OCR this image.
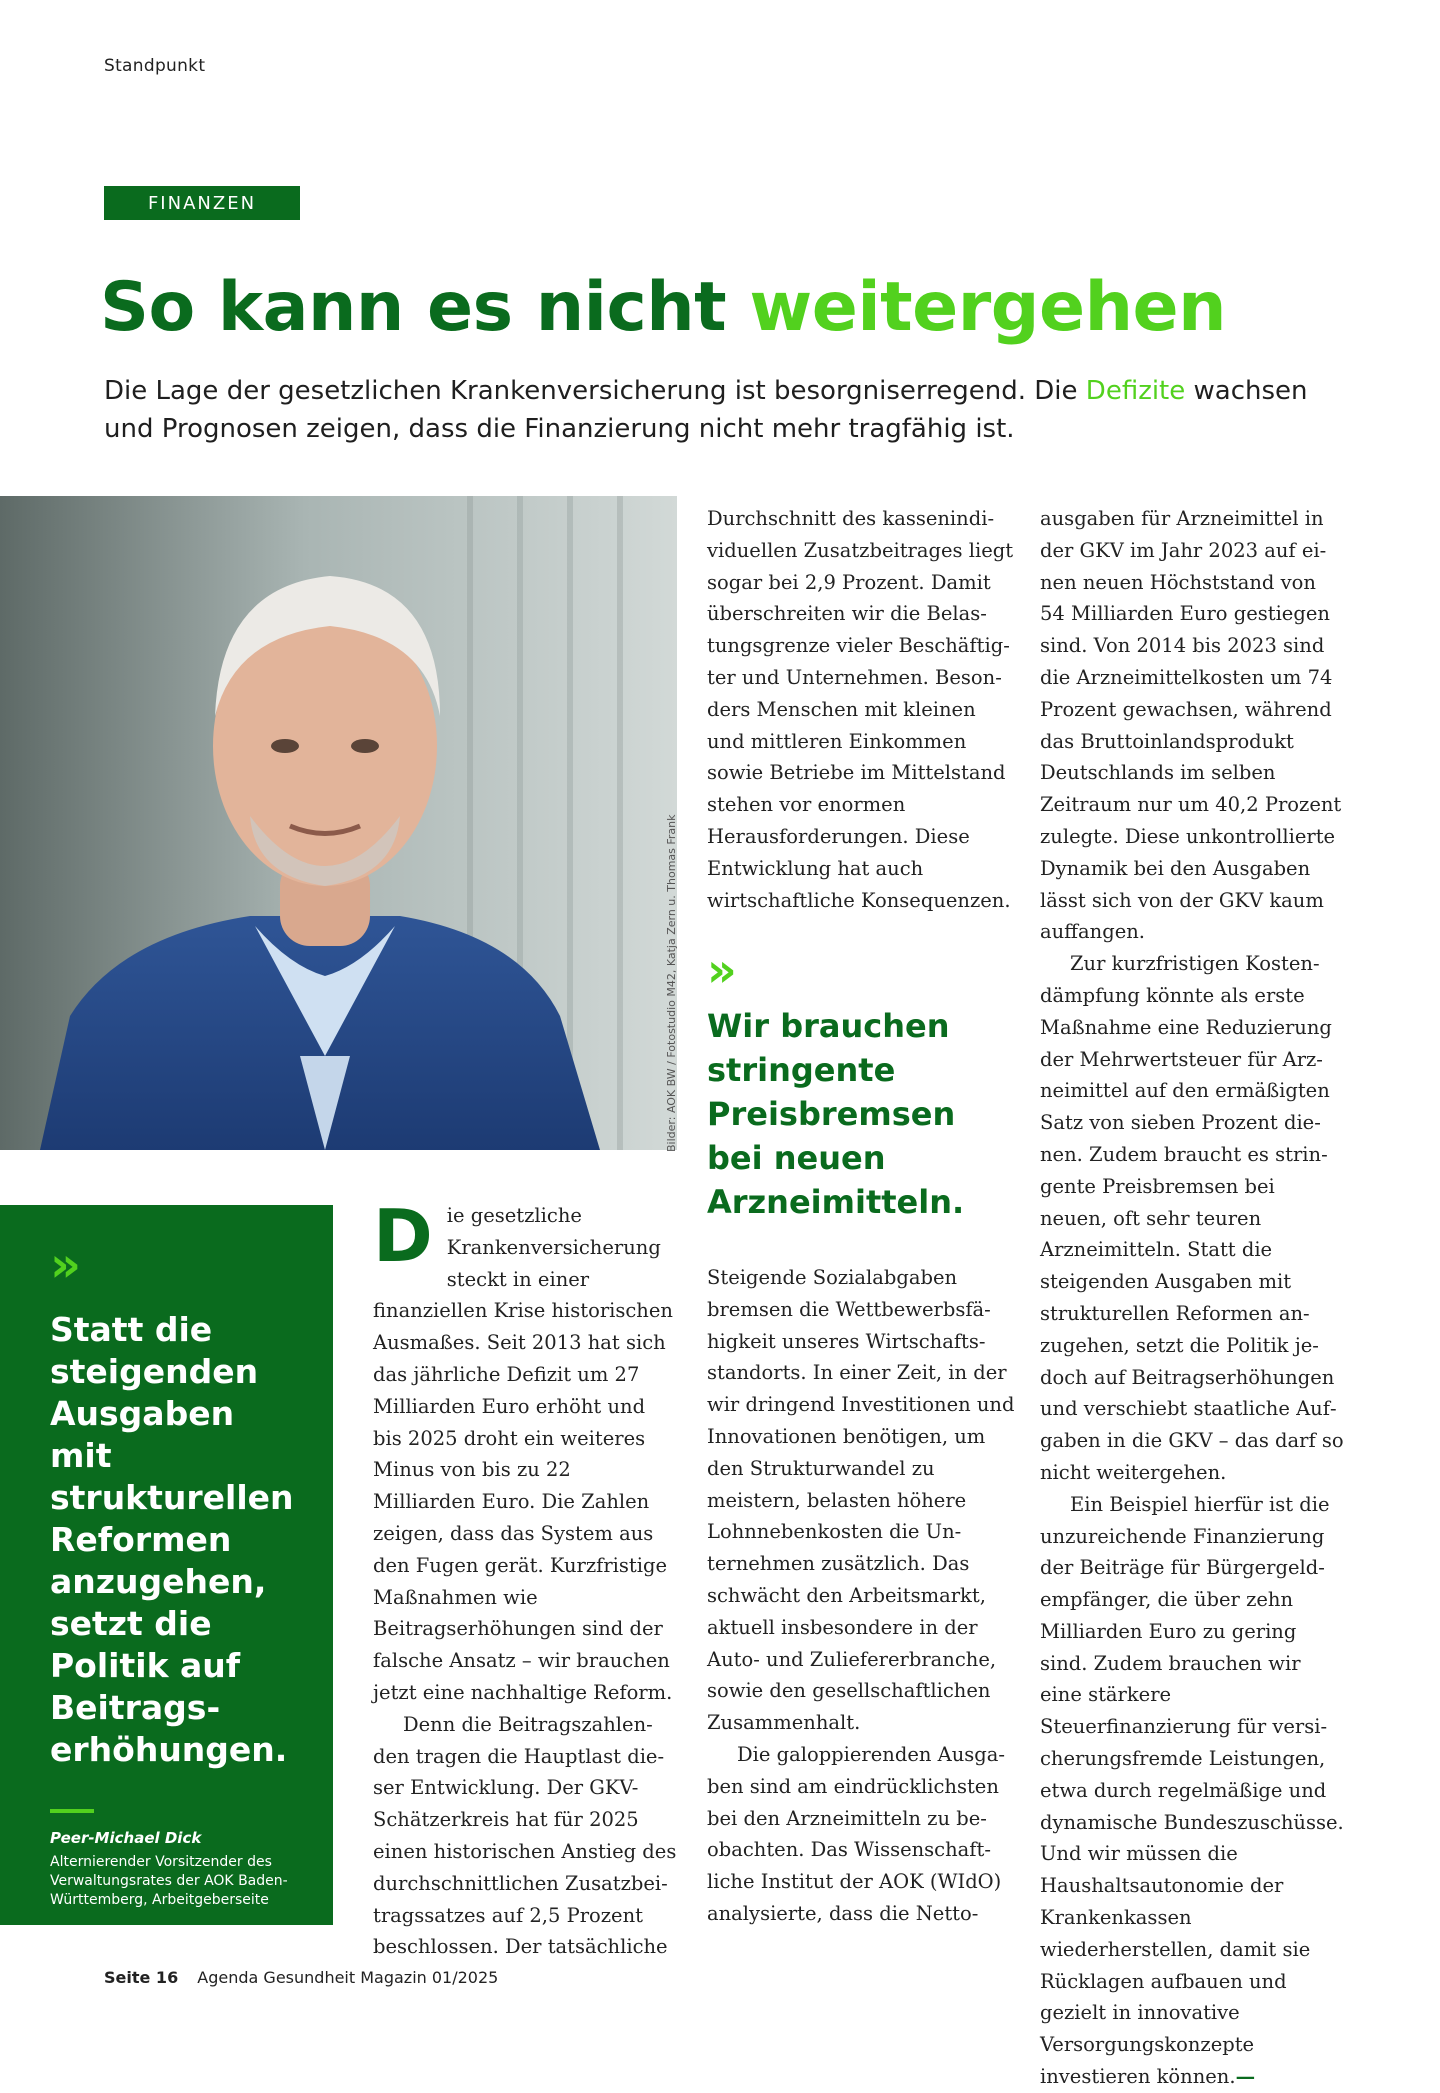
Standpunkt
FINANZEN
So kann es nicht weitergehen

Die Lage der gesetzlichen Krankenversicherung ist besorgniserregend. Die Defizite wachsen und Prognosen zeigen, dass die Finanzierung nicht mehr tragfähig ist.

Bilder: AOK BW / Fotostudio M42, Katja Zern u. Thomas Frank
»
Statt die steigenden Ausgaben mit strukturellen Reformen anzugehen, setzt die Politik auf Beitragserhöhungen.
Peer-Michael Dick
Alternierender Vorsitzender des Verwaltungsrates der AOK Baden-Württemberg, Arbeitgeberseite
D ie gesetzliche Krankenversicherung steckt in einer finanziellen Krise historischen Ausmaßes. Seit 2013 hat sich das jährliche Defizit um 27 Milliarden Euro erhöht und bis 2025 droht ein weiteres Minus von bis zu 22 Milliarden Euro. Die Zahlen zeigen, dass das System aus den Fugen gerät. Kurzfristige Maßnahmen wie Beitragserhöhungen sind der falsche Ansatz – wir brauchen jetzt eine nachhaltige Reform.

Denn die Beitragszahlenden tragen die Hauptlast dieser Entwicklung. Der GKV-Schätzerkreis hat für 2025 einen historischen Anstieg des durchschnittlichen Zusatzbeitragssatzes auf 2,5 Prozent beschlossen. Der tatsächliche

Durchschnitt des kassenindividuellen Zusatzbeitrages liegt sogar bei 2,9 Prozent. Damit überschreiten wir die Belastungsgrenze vieler Beschäftigter und Unternehmen. Besonders Menschen mit kleinen und mittleren Einkommen sowie Betriebe im Mittelstand stehen vor enormen Herausforderungen. Diese Entwicklung hat auch wirtschaftliche Konsequenzen.

»
Wir brauchen stringente Preisbremsen bei neuen Arzneimitteln.

Steigende Sozialabgaben bremsen die Wettbewerbsfähigkeit unseres Wirtschaftsstandorts. In einer Zeit, in der wir dringend Investitionen und Innovationen benötigen, um den Strukturwandel zu meistern, belasten höhere Lohnnebenkosten die Unternehmen zusätzlich. Das schwächt den Arbeitsmarkt, aktuell insbesondere in der Auto- und Zuliefererbranche, sowie den gesellschaftlichen Zusammenhalt.

Die galoppierenden Ausgaben sind am eindrücklichsten bei den Arzneimitteln zu beobachten. Das Wissenschaftliche Institut der AOK (WIdO) analysierte, dass die Netto-

ausgaben für Arzneimittel in der GKV im Jahr 2023 auf einen neuen Höchststand von 54 Milliarden Euro gestiegen sind. Von 2014 bis 2023 sind die Arzneimittelkosten um 74 Prozent gewachsen, während das Bruttoinlandsprodukt Deutschlands im selben Zeitraum nur um 40,2 Prozent zulegte. Diese unkontrollierte Dynamik bei den Ausgaben lässt sich von der GKV kaum auffangen.

Zur kurzfristigen Kostendämpfung könnte als erste Maßnahme eine Reduzierung der Mehrwertsteuer für Arzneimittel auf den ermäßigten Satz von sieben Prozent dienen. Zudem braucht es stringente Preisbremsen bei neuen, oft sehr teuren Arzneimitteln. Statt die steigenden Ausgaben mit strukturellen Reformen anzugehen, setzt die Politik jedoch auf Beitragserhöhungen und verschiebt staatliche Aufgaben in die GKV – das darf so nicht weitergehen.

Ein Beispiel hierfür ist die unzureichende Finanzierung der Beiträge für Bürgergeldempfänger, die über zehn Milliarden Euro zu gering sind. Zudem brauchen wir eine stärkere Steuerfinanzierung für versicherungsfremde Leistungen, etwa durch regelmäßige und dynamische Bundeszuschüsse. Und wir müssen die Haushaltsautonomie der Krankenkassen wiederherstellen, damit sie Rücklagen aufbauen und gezielt in innovative Versorgungskonzepte investieren können.—

Seite 16 Agenda Gesundheit Magazin 01/2025
